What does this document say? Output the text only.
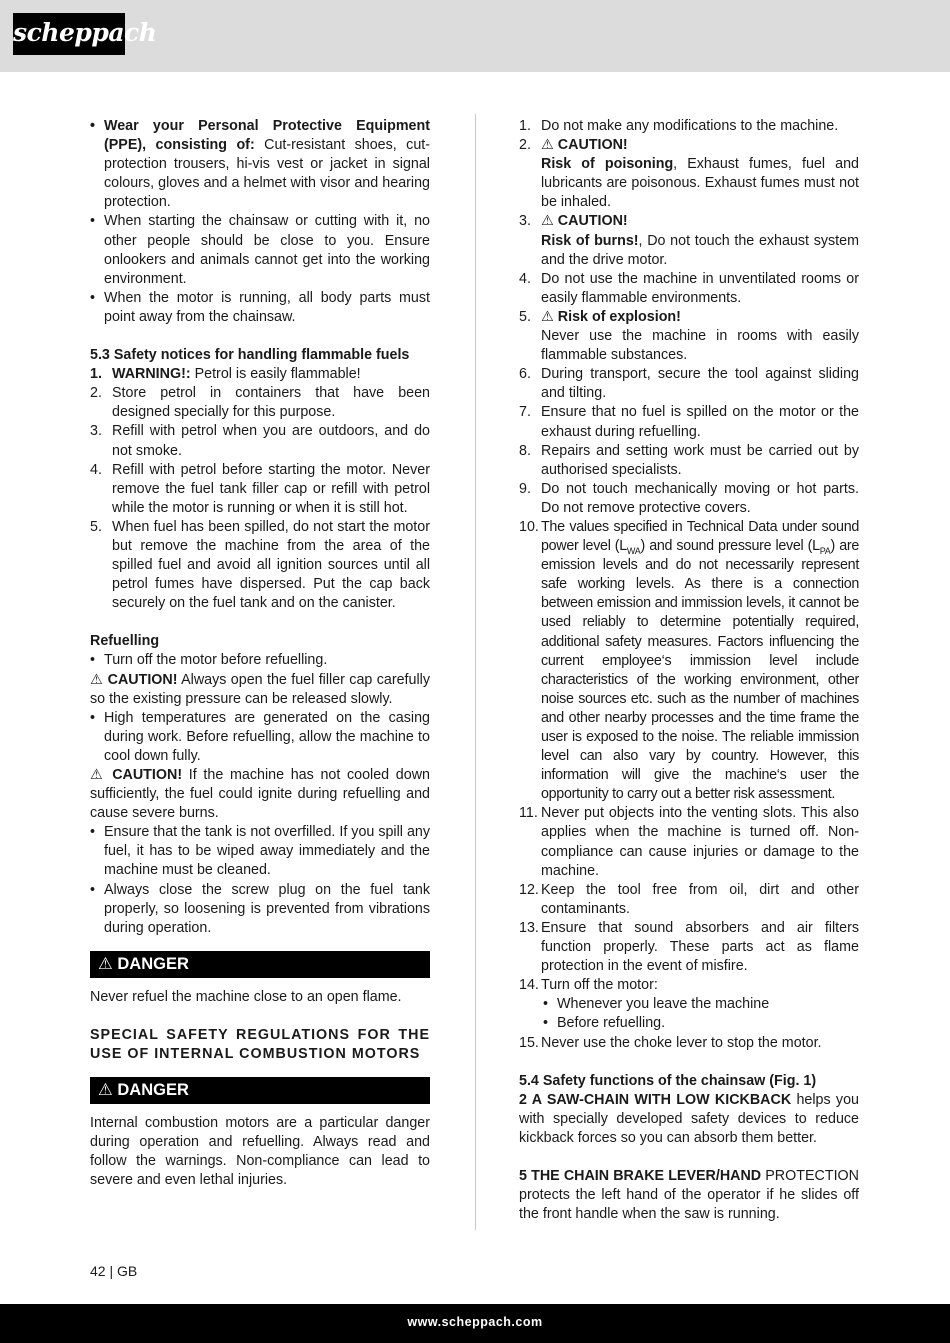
scheppach
• Wear your Personal Protective Equipment (PPE), consisting of: Cut-resistant shoes, cut-protection trousers, hi-vis vest or jacket in signal colours, gloves and a helmet with visor and hearing protection.
• When starting the chainsaw or cutting with it, no other people should be close to you. Ensure onlookers and animals cannot get into the working environment.
• When the motor is running, all body parts must point away from the chainsaw.

5.3 Safety notices for handling flammable fuels

1. WARNING!: Petrol is easily flammable!
2. Store petrol in containers that have been designed specially for this purpose.
3. Refill with petrol when you are outdoors, and do not smoke.
4. Refill with petrol before starting the motor. Never remove the fuel tank filler cap or refill with petrol while the motor is running or when it is still hot.
5. When fuel has been spilled, do not start the motor but remove the machine from the area of the spilled fuel and avoid all ignition sources until all petrol fumes have dispersed. Put the cap back securely on the fuel tank and on the canister.

Refuelling

• Turn off the motor before refuelling.

⚠ CAUTION! Always open the fuel filler cap carefully so the existing pressure can be released slowly.

• High temperatures are generated on the casing during work. Before refuelling, allow the machine to cool down fully.

⚠ CAUTION! If the machine has not cooled down sufficiently, the fuel could ignite during refuelling and cause severe burns.

• Ensure that the tank is not overfilled. If you spill any fuel, it has to be wiped away immediately and the machine must be cleaned.
• Always close the screw plug on the fuel tank properly, so loosening is prevented from vibrations during operation.
⚠ DANGER

Never refuel the machine close to an open flame.

SPECIAL SAFETY REGULATIONS FOR THE USE OF INTERNAL COMBUSTION MOTORS

⚠ DANGER

Internal combustion motors are a particular danger during operation and refuelling. Always read and follow the warnings. Non-compliance can lead to severe and even lethal injuries.

1. Do not make any modifications to the machine.
2. ⚠ CAUTION!
Risk of poisoning, Exhaust fumes, fuel and lubricants are poisonous. Exhaust fumes must not be inhaled.
3. ⚠ CAUTION!
Risk of burns!, Do not touch the exhaust system and the drive motor.
4. Do not use the machine in unventilated rooms or easily flammable environments.
5. ⚠ Risk of explosion!
Never use the machine in rooms with easily flammable substances.
6. During transport, secure the tool against sliding and tilting.
7. Ensure that no fuel is spilled on the motor or the exhaust during refuelling.
8. Repairs and setting work must be carried out by authorised specialists.
9. Do not touch mechanically moving or hot parts. Do not remove protective covers.
10. The values specified in Technical Data under sound power level $(L_{WA})$ and sound pressure level $(L_{PA})$ are emission levels and do not necessarily represent safe working levels. As there is a connection between emission and immission levels, it cannot be used reliably to determine potentially required, additional safety measures. Factors influencing the current employee‘s immission level include characteristics of the working environment, other noise sources etc. such as the number of machines and other nearby processes and the time frame the user is exposed to the noise. The reliable immission level can also vary by country. However, this information will give the machine‘s user the opportunity to carry out a better risk assessment.
11. Never put objects into the venting slots. This also applies when the machine is turned off. Non-compliance can cause injuries or damage to the machine.
12. Keep the tool free from oil, dirt and other contaminants.
13. Ensure that sound absorbers and air filters function properly. These parts act as flame protection in the event of misfire.
14. Turn off the motor:
• Whenever you leave the machine
• Before refuelling.
15. Never use the choke lever to stop the motor.

5.4 Safety functions of the chainsaw (Fig. 1)

2 A SAW-CHAIN WITH LOW KICKBACK helps you with specially developed safety devices to reduce kickback forces so you can absorb them better.

5 THE CHAIN BRAKE LEVER/HAND PROTECTION protects the left hand of the operator if he slides off the front handle when the saw is running.

42 | GB
www.scheppach.com
